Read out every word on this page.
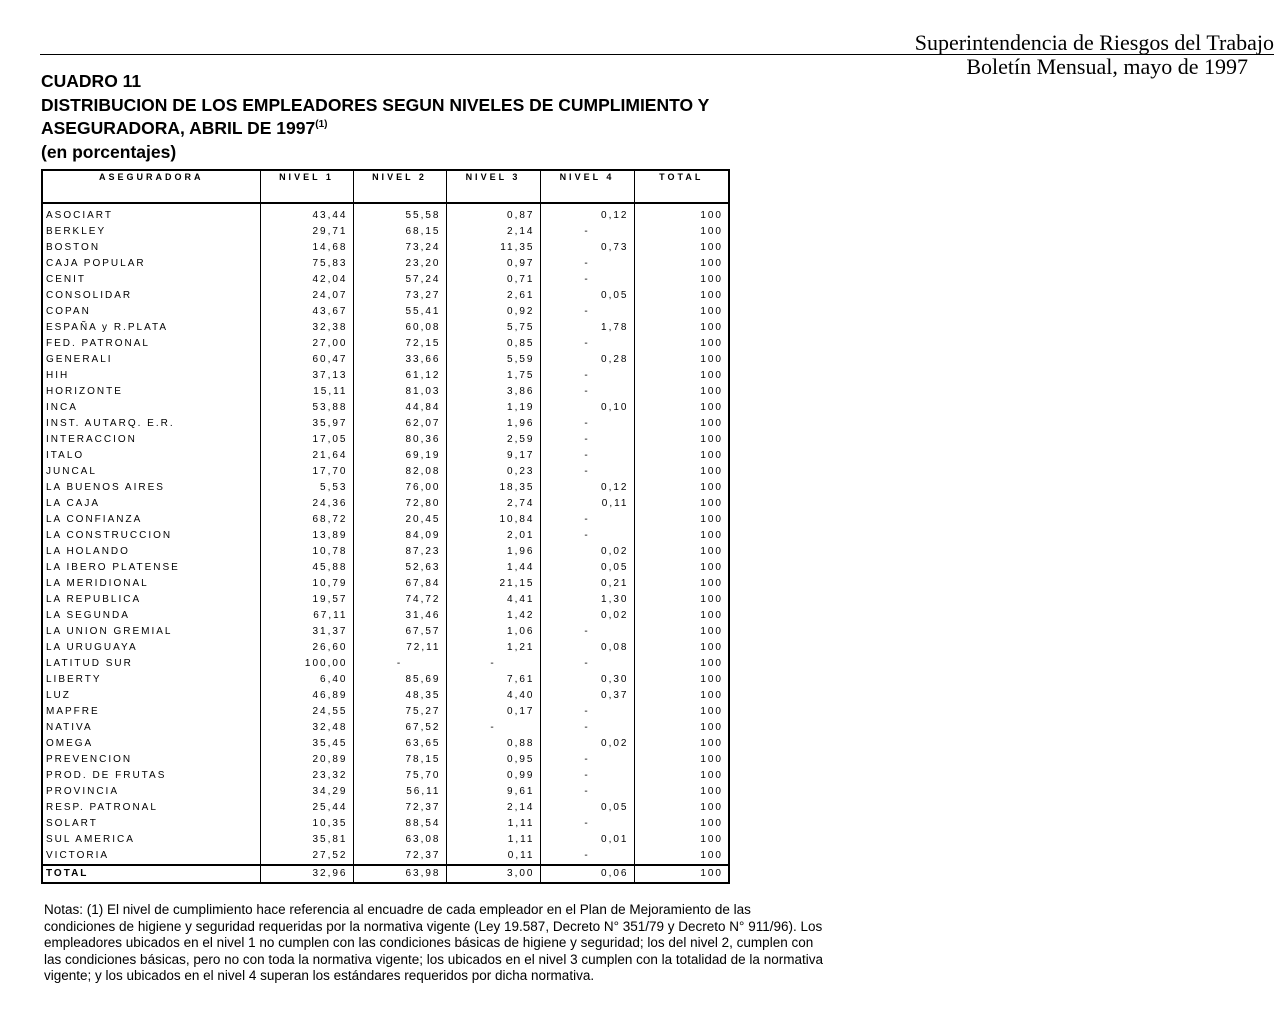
Superintendencia de Riesgos del Trabajo
Boletín Mensual, mayo de 1997
CUADRO 11
DISTRIBUCION DE LOS EMPLEADORES SEGUN NIVELES DE CUMPLIMIENTO Y
ASEGURADORA, ABRIL DE 1997$^{(1)}$
(en porcentajes)
ASEGURADORA	NIVEL 1	NIVEL 2	NIVEL 3	NIVEL 4	TOTAL

ASOCIART	43,44	55,58	0,87	0,12	100
BERKLEY	29,71	68,15	2,14	-	100
BOSTON	14,68	73,24	11,35	0,73	100
CAJA POPULAR	75,83	23,20	0,97	-	100
CENIT	42,04	57,24	0,71	-	100
CONSOLIDAR	24,07	73,27	2,61	0,05	100
COPAN	43,67	55,41	0,92	-	100
ESPAÑA y R.PLATA	32,38	60,08	5,75	1,78	100
FED. PATRONAL	27,00	72,15	0,85	-	100
GENERALI	60,47	33,66	5,59	0,28	100
HIH	37,13	61,12	1,75	-	100
HORIZONTE	15,11	81,03	3,86	-	100
INCA	53,88	44,84	1,19	0,10	100
INST. AUTARQ. E.R.	35,97	62,07	1,96	-	100
INTERACCION	17,05	80,36	2,59	-	100
ITALO	21,64	69,19	9,17	-	100
JUNCAL	17,70	82,08	0,23	-	100
LA BUENOS AIRES	5,53	76,00	18,35	0,12	100
LA CAJA	24,36	72,80	2,74	0,11	100
LA CONFIANZA	68,72	20,45	10,84	-	100
LA CONSTRUCCION	13,89	84,09	2,01	-	100
LA HOLANDO	10,78	87,23	1,96	0,02	100
LA IBERO PLATENSE	45,88	52,63	1,44	0,05	100
LA MERIDIONAL	10,79	67,84	21,15	0,21	100
LA REPUBLICA	19,57	74,72	4,41	1,30	100
LA SEGUNDA	67,11	31,46	1,42	0,02	100
LA UNION GREMIAL	31,37	67,57	1,06	-	100
LA URUGUAYA	26,60	72,11	1,21	0,08	100
LATITUD SUR	100,00	-	-	-	100
LIBERTY	6,40	85,69	7,61	0,30	100
LUZ	46,89	48,35	4,40	0,37	100
MAPFRE	24,55	75,27	0,17	-	100
NATIVA	32,48	67,52	-	-	100
OMEGA	35,45	63,65	0,88	0,02	100
PREVENCION	20,89	78,15	0,95	-	100
PROD. DE FRUTAS	23,32	75,70	0,99	-	100
PROVINCIA	34,29	56,11	9,61	-	100
RESP. PATRONAL	25,44	72,37	2,14	0,05	100
SOLART	10,35	88,54	1,11	-	100
SUL AMERICA	35,81	63,08	1,11	0,01	100
VICTORIA	27,52	72,37	0,11	-	100
TOTAL	32,96	63,98	3,00	0,06	100
Notas: (1) El nivel de cumplimiento hace referencia al encuadre de cada empleador en el Plan de Mejoramiento de las
condiciones de higiene y seguridad requeridas por la normativa vigente (Ley 19.587, Decreto N° 351/79 y Decreto N° 911/96). Los
empleadores ubicados en el nivel 1 no cumplen con las condiciones básicas de higiene y seguridad; los del nivel 2, cumplen con
las condiciones básicas, pero no con toda la normativa vigente; los ubicados en el nivel 3 cumplen con la totalidad de la normativa
vigente; y los ubicados en el nivel 4 superan los estándares requeridos por dicha normativa.
